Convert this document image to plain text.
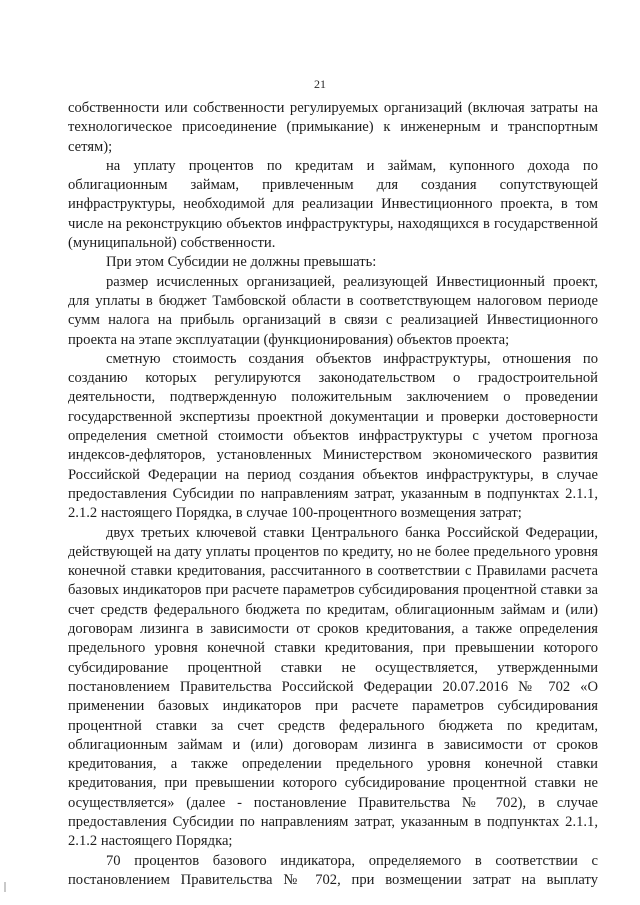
21

собственности или собственности регулируемых организаций (включая затраты на технологическое присоединение (примыкание) к инженерным и транспортным сетям);

на уплату процентов по кредитам и займам, купонного дохода по облигационным займам, привлеченным для создания сопутствующей инфраструктуры, необходимой для реализации Инвестиционного проекта, в том числе на реконструкцию объектов инфраструктуры, находящихся в государственной (муниципальной) собственности.

При этом Субсидии не должны превышать:

размер исчисленных организацией, реализующей Инвестиционный проект, для уплаты в бюджет Тамбовской области в соответствующем налоговом периоде сумм налога на прибыль организаций в связи с реализацией Инвестиционного проекта на этапе эксплуатации (функционирования) объектов проекта;

сметную стоимость создания объектов инфраструктуры, отношения по созданию которых регулируются законодательством о градостроительной деятельности, подтвержденную положительным заключением о проведении государственной экспертизы проектной документации и проверки достоверности определения сметной стоимости объектов инфраструктуры с учетом прогноза индексов-дефляторов, установленных Министерством экономического развития Российской Федерации на период создания объектов инфраструктуры, в случае предоставления Субсидии по направлениям затрат, указанным в подпунктах 2.1.1, 2.1.2 настоящего Порядка, в случае 100-процентного возмещения затрат;

двух третьих ключевой ставки Центрального банка Российской Федерации, действующей на дату уплаты процентов по кредиту, но не более предельного уровня конечной ставки кредитования, рассчитанного в соответствии с Правилами расчета базовых индикаторов при расчете параметров субсидирования процентной ставки за счет средств федерального бюджета по кредитам, облигационным займам и (или) договорам лизинга в зависимости от сроков кредитования, а также определения предельного уровня конечной ставки кредитования, при превышении которого субсидирование процентной ставки не осуществляется, утвержденными постановлением Правительства Российской Федерации 20.07.2016 № 702 «О применении базовых индикаторов при расчете параметров субсидирования процентной ставки за счет средств федерального бюджета по кредитам, облигационным займам и (или) договорам лизинга в зависимости от сроков кредитования, а также определении предельного уровня конечной ставки кредитования, при превышении которого субсидирование процентной ставки не осуществляется» (далее - постановление Правительства № 702), в случае предоставления Субсидии по направлениям затрат, указанным в подпунктах 2.1.1, 2.1.2 настоящего Порядка;

70 процентов базового индикатора, определяемого в соответствии с постановлением Правительства № 702, при возмещении затрат на выплату
